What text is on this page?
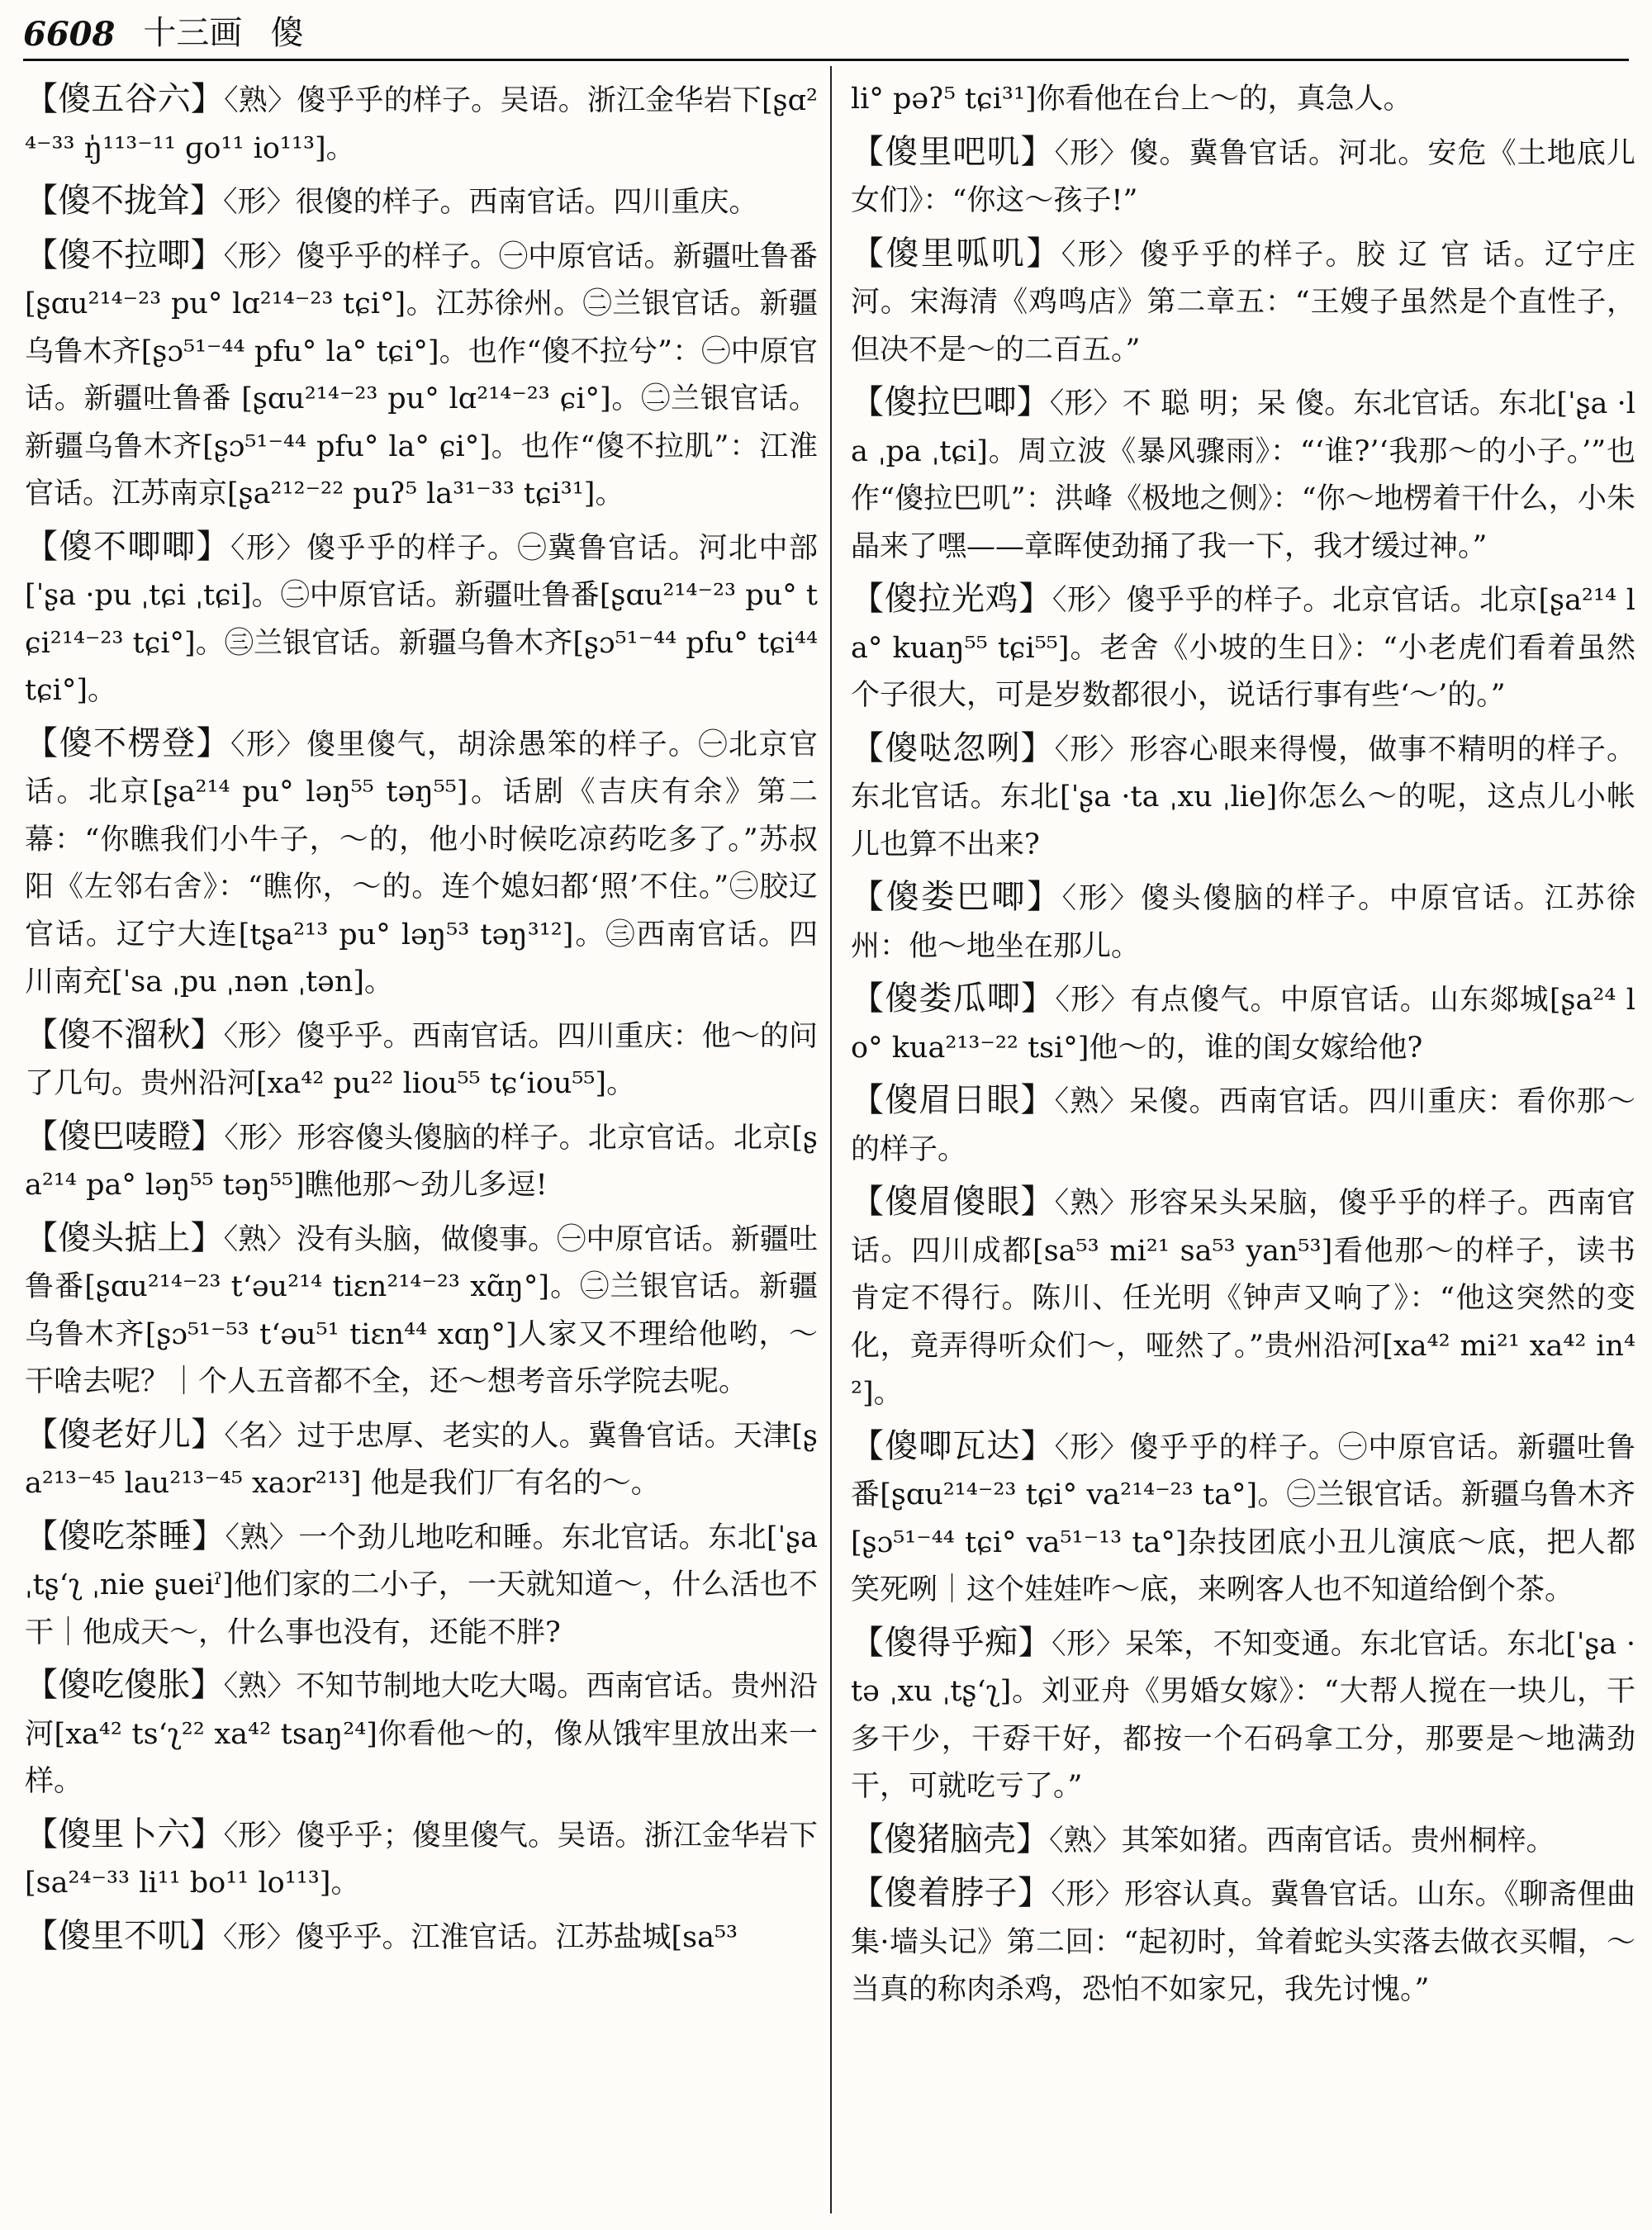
6608 十三画 傻
【傻五谷六】〈熟〉傻乎乎的样子。吴语。浙江金华岩下[ʂɑ²⁴⁻³³ ŋ̍¹¹³⁻¹¹ ɡo¹¹ io¹¹³]。
【傻不拢耸】〈形〉很傻的样子。西南官话。四川重庆。
【傻不拉唧】〈形〉傻乎乎的样子。㊀中原官话。新疆吐鲁番[ʂɑu²¹⁴⁻²³ pu° lɑ²¹⁴⁻²³ tɕi°]。江苏徐州。㊁兰银官话。新疆乌鲁木齐[ʂɔ⁵¹⁻⁴⁴ pfu° la° tɕi°]。也作“傻不拉兮”：㊀中原官话。新疆吐鲁番 [ʂɑu²¹⁴⁻²³ pu° lɑ²¹⁴⁻²³ ɕi°]。㊁兰银官话。新疆乌鲁木齐[ʂɔ⁵¹⁻⁴⁴ pfu° la° ɕi°]。也作“傻不拉肌”：江淮官话。江苏南京[ʂa²¹²⁻²² puʔ⁵ la³¹⁻³³ tɕi³¹]。
【傻不唧唧】〈形〉傻乎乎的样子。㊀冀鲁官话。河北中部[ˈʂa ·pu ˌtɕi ˌtɕi]。㊁中原官话。新疆吐鲁番[ʂɑu²¹⁴⁻²³ pu° tɕi²¹⁴⁻²³ tɕi°]。㊂兰银官话。新疆乌鲁木齐[ʂɔ⁵¹⁻⁴⁴ pfu° tɕi⁴⁴ tɕi°]。
【傻不楞登】〈形〉傻里傻气，胡涂愚笨的样子。㊀北京官话。北京[ʂa²¹⁴ pu° ləŋ⁵⁵ təŋ⁵⁵]。话剧《吉庆有余》第二幕：“你瞧我们小牛子，～的，他小时候吃凉药吃多了。”苏叔阳《左邻右舍》：“瞧你，～的。连个媳妇都‘照’不住。”㊁胶辽官话。辽宁大连[tʂa²¹³ pu° ləŋ⁵³ təŋ³¹²]。㊂西南官话。四川南充[ˈsa ˌpu ˌnən ˌtən]。
【傻不溜秋】〈形〉傻乎乎。西南官话。四川重庆：他～的问了几句。贵州沿河[xa⁴² pu²² liou⁵⁵ tɕʻiou⁵⁵]。
【傻巴唛瞪】〈形〉形容傻头傻脑的样子。北京官话。北京[ʂa²¹⁴ pa° ləŋ⁵⁵ təŋ⁵⁵]瞧他那～劲儿多逗!
【傻头掂上】〈熟〉没有头脑，做傻事。㊀中原官话。新疆吐鲁番[ʂɑu²¹⁴⁻²³ tʻəu²¹⁴ tiɛn²¹⁴⁻²³ xɑ̃ŋ°]。㊁兰银官话。新疆乌鲁木齐[ʂɔ⁵¹⁻⁵³ tʻəu⁵¹ tiɛn⁴⁴ xɑŋ°]人家又不理给他哟，～干啥去呢？｜个人五音都不全，还～想考音乐学院去呢。
【傻老好儿】〈名〉过于忠厚、老实的人。冀鲁官话。天津[ʂa²¹³⁻⁴⁵ lau²¹³⁻⁴⁵ xaɔr²¹³] 他是我们厂有名的～。
【傻吃茶睡】〈熟〉一个劲儿地吃和睡。东北官话。东北[ˈʂa ˌtʂʻʅ ˌnie ʂueiˀ]他们家的二小子，一天就知道～，什么活也不干｜他成天～，什么事也没有，还能不胖?
【傻吃傻胀】〈熟〉不知节制地大吃大喝。西南官话。贵州沿河[xa⁴² tsʻʅ²² xa⁴² tsaŋ²⁴]你看他～的，像从饿牢里放出来一样。
【傻里卜六】〈形〉傻乎乎；傻里傻气。吴语。浙江金华岩下[sa²⁴⁻³³ li¹¹ bo¹¹ lo¹¹³]。
【傻里不叽】〈形〉傻乎乎。江淮官话。江苏盐城[sa⁵³
li° pəʔ⁵ tɕi³¹]你看他在台上～的，真急人。
【傻里吧叽】〈形〉傻。冀鲁官话。河北。安危《土地底儿女们》：“你这～孩子!”
【傻里呱叽】〈形〉傻乎乎的样子。胶 辽 官 话。辽宁庄河。宋海清《鸡鸣店》第二章五：“王嫂子虽然是个直性子，但决不是～的二百五。”
【傻拉巴唧】〈形〉不 聪 明；呆 傻。东北官话。东北[ˈʂa ·la ˌpa ˌtɕi]。周立波《暴风骤雨》：“‘谁?’‘我那～的小子。’”也作“傻拉巴叽”：洪峰《极地之侧》：“你～地楞着干什么，小朱晶来了嘿——章晖使劲捅了我一下，我才缓过神。”
【傻拉光鸡】〈形〉傻乎乎的样子。北京官话。北京[ʂa²¹⁴ la° kuaŋ⁵⁵ tɕi⁵⁵]。老舍《小坡的生日》：“小老虎们看着虽然个子很大，可是岁数都很小，说话行事有些‘～’的。”
【傻哒忽咧】〈形〉形容心眼来得慢，做事不精明的样子。东北官话。东北[ˈʂa ·ta ˌxu ˌlie]你怎么～的呢，这点儿小帐儿也算不出来?
【傻娄巴唧】〈形〉傻头傻脑的样子。中原官话。江苏徐州：他～地坐在那儿。
【傻娄瓜唧】〈形〉有点傻气。中原官话。山东郯城[ʂa²⁴ lo° kua²¹³⁻²² tsi°]他～的，谁的闺女嫁给他?
【傻眉日眼】〈熟〉呆傻。西南官话。四川重庆：看你那～的样子。
【傻眉傻眼】〈熟〉形容呆头呆脑，傻乎乎的样子。西南官话。四川成都[sa⁵³ mi²¹ sa⁵³ yan⁵³]看他那～的样子，读书肯定不得行。陈川、任光明《钟声又响了》：“他这突然的变化，竟弄得听众们～，哑然了。”贵州沿河[xa⁴² mi²¹ xa⁴² in⁴²]。
【傻唧瓦达】〈形〉傻乎乎的样子。㊀中原官话。新疆吐鲁番[ʂɑu²¹⁴⁻²³ tɕi° va²¹⁴⁻²³ ta°]。㊁兰银官话。新疆乌鲁木齐[ʂɔ⁵¹⁻⁴⁴ tɕi° va⁵¹⁻¹³ ta°]杂技团底小丑儿演底～底，把人都笑死咧｜这个娃娃咋～底，来咧客人也不知道给倒个茶。
【傻得乎痴】〈形〉呆笨，不知变通。东北官话。东北[ˈʂa ·tə ˌxu ˌtʂʻʅ]。刘亚舟《男婚女嫁》：“大帮人搅在一块儿，干多干少，干孬干好，都按一个石码拿工分，那要是～地满劲干，可就吃亏了。”
【傻猪脑壳】〈熟〉其笨如猪。西南官话。贵州桐梓。
【傻着脖子】〈形〉形容认真。冀鲁官话。山东。《聊斋俚曲集·墙头记》第二回：“起初时，耸着蛇头实落去做衣买帽，～当真的称肉杀鸡，恐怕不如家兄，我先讨愧。”
